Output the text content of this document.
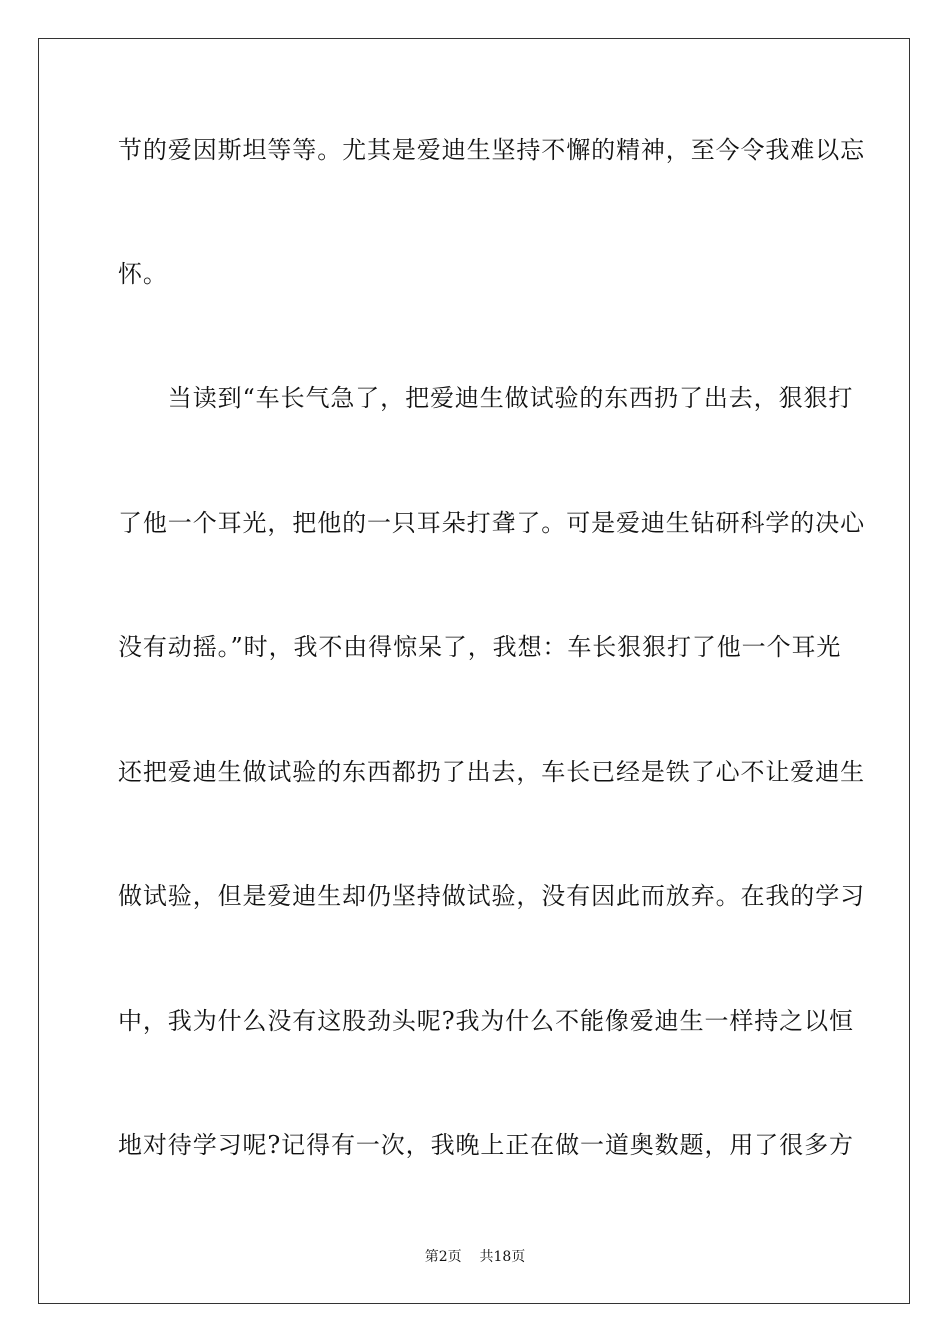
节的爱因斯坦等等。尤其是爱迪生坚持不懈的精神，至今令我难以忘
怀。
　　当读到“车长气急了，把爱迪生做试验的东西扔了出去，狠狠打
了他一个耳光，把他的一只耳朵打聋了。可是爱迪生钻研科学的决心
没有动摇。”时，我不由得惊呆了，我想：车长狠狠打了他一个耳光
还把爱迪生做试验的东西都扔了出去，车长已经是铁了心不让爱迪生
做试验，但是爱迪生却仍坚持做试验，没有因此而放弃。在我的学习
中，我为什么没有这股劲头呢?我为什么不能像爱迪生一样持之以恒
地对待学习呢?记得有一次，我晚上正在做一道奥数题，用了很多方
第2页 共18页
